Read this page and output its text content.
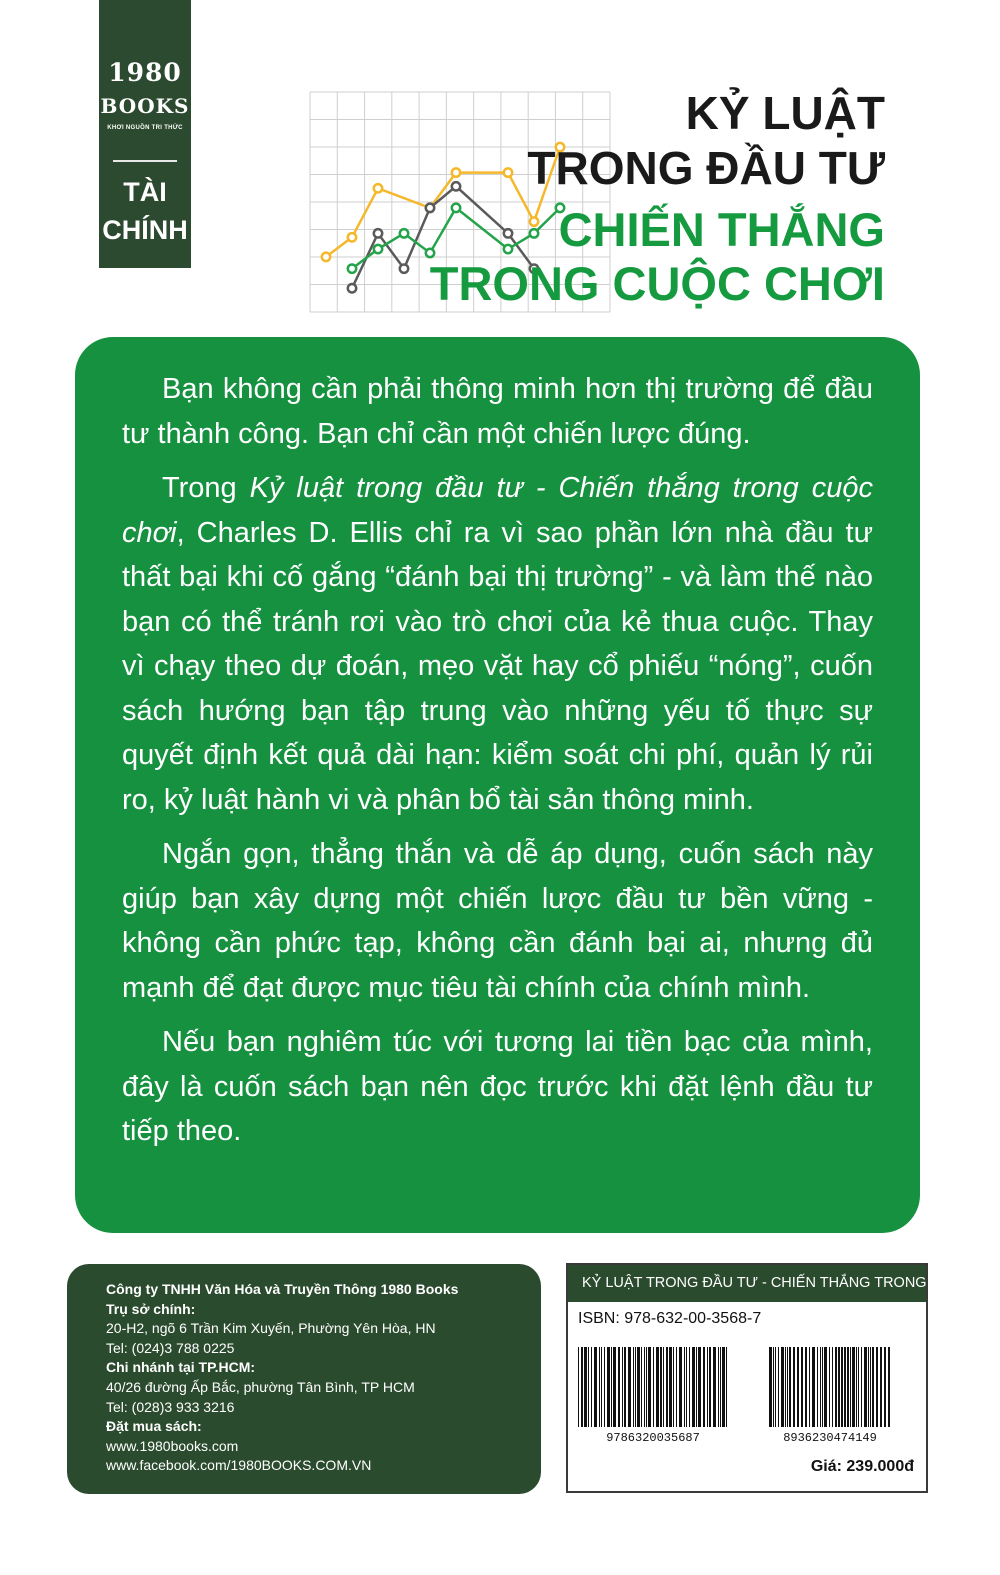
1980
BOOKS
KHƠI NGUỒN TRI THỨC
TÀI
CHÍNH
KỶ LUẬT
TRONG ĐẦU TƯ
CHIẾN THẮNG
TRONG CUỘC CHƠI

Bạn không cần phải thông minh hơn thị trường để đầu tư thành công. Bạn chỉ cần một chiến lược đúng.

Trong Kỷ luật trong đầu tư - Chiến thắng trong cuộc chơi, Charles D. Ellis chỉ ra vì sao phần lớn nhà đầu tư thất bại khi cố gắng “đánh bại thị trường” - và làm thế nào bạn có thể tránh rơi vào trò chơi của kẻ thua cuộc. Thay vì chạy theo dự đoán, mẹo vặt hay cổ phiếu “nóng”, cuốn sách hướng bạn tập trung vào những yếu tố thực sự quyết định kết quả dài hạn: kiểm soát chi phí, quản lý rủi ro, kỷ luật hành vi và phân bổ tài sản thông minh.

Ngắn gọn, thẳng thắn và dễ áp dụng, cuốn sách này giúp bạn xây dựng một chiến lược đầu tư bền vững - không cần phức tạp, không cần đánh bại ai, nhưng đủ mạnh để đạt được mục tiêu tài chính của chính mình.

Nếu bạn nghiêm túc với tương lai tiền bạc của mình, đây là cuốn sách bạn nên đọc trước khi đặt lệnh đầu tư tiếp theo.

Công ty TNHH Văn Hóa và Truyền Thông 1980 Books
Trụ sở chính:
20-H2, ngõ 6 Trần Kim Xuyến, Phường Yên Hòa, HN
Tel: (024)3 788 0225
Chi nhánh tại TP.HCM:
40/26 đường Ấp Bắc, phường Tân Bình, TP HCM
Tel: (028)3 933 3216
Đặt mua sách:
www.1980books.com
www.facebook.com/1980BOOKS.COM.VN
KỶ LUẬT TRONG ĐẦU TƯ - CHIẾN THẮNG TRONG CUỘC ...
ISBN: 978-632-00-3568-7
9786320035687	8936230474149
Giá: 239.000đ
